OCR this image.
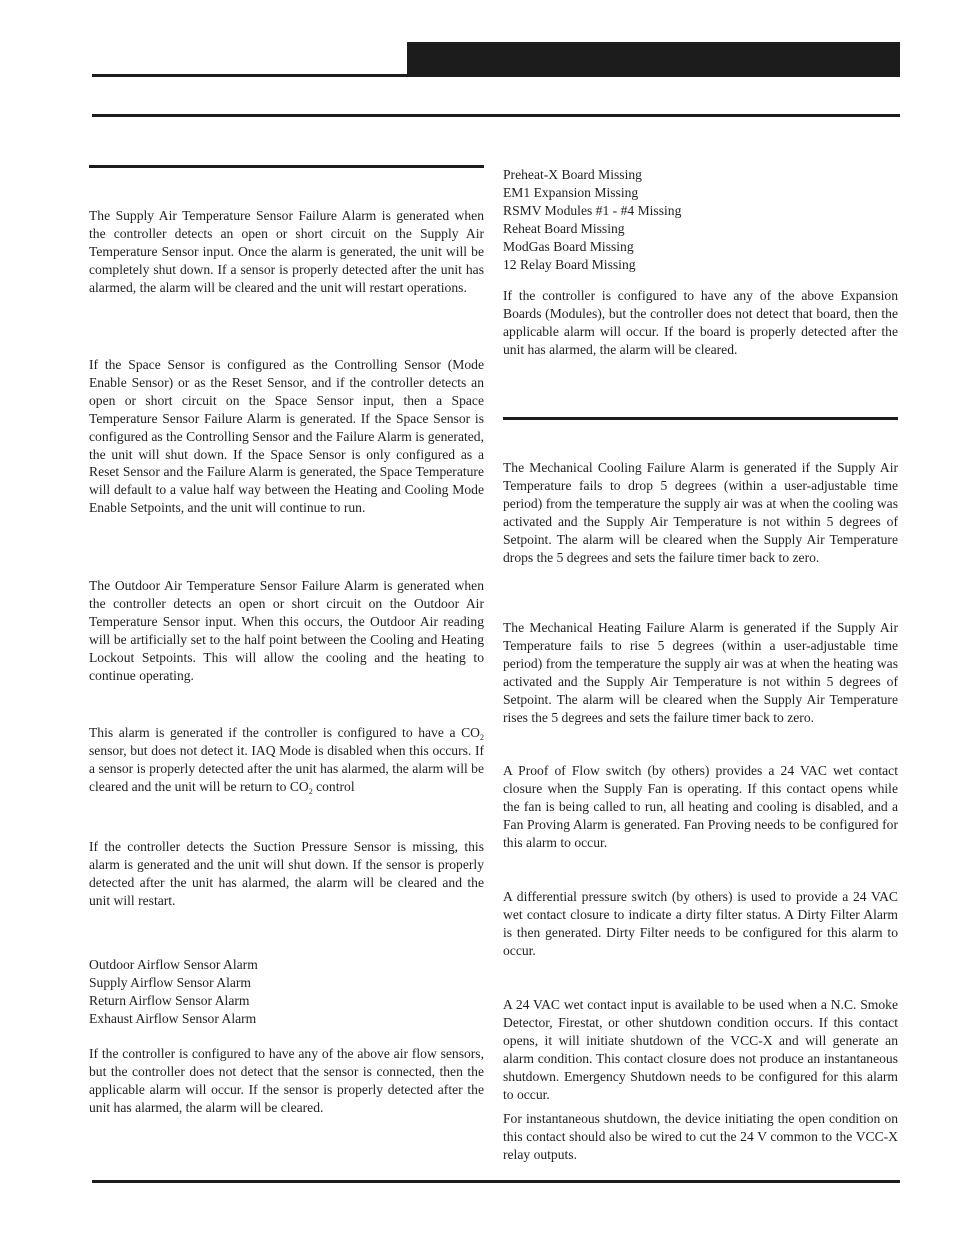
The Supply Air Temperature Sensor Failure Alarm is generated when the controller detects an open or short circuit on the Supply Air Temperature Sensor input. Once the alarm is generated, the unit will be completely shut down. If a sensor is properly detected after the unit has alarmed, the alarm will be cleared and the unit will restart operations.

If the Space Sensor is configured as the Controlling Sensor (Mode Enable Sensor) or as the Reset Sensor, and if the controller detects an open or short circuit on the Space Sensor input, then a Space Temperature Sensor Failure Alarm is generated. If the Space Sensor is configured as the Controlling Sensor and the Failure Alarm is generated, the unit will shut down. If the Space Sensor is only configured as a Reset Sensor and the Failure Alarm is generated, the Space Temperature will default to a value half way between the Heating and Cooling Mode Enable Setpoints, and the unit will continue to run.

The Outdoor Air Temperature Sensor Failure Alarm is generated when the controller detects an open or short circuit on the Outdoor Air Temperature Sensor input. When this occurs, the Outdoor Air reading will be artificially set to the half point between the Cooling and Heating Lockout Setpoints. This will allow the cooling and the heating to continue operating.

This alarm is generated if the controller is configured to have a $CO_2$ sensor, but does not detect it. IAQ Mode is disabled when this occurs. If a sensor is properly detected after the unit has alarmed, the alarm will be cleared and the unit will be return to $CO_2$ control

If the controller detects the Suction Pressure Sensor is missing, this alarm is generated and the unit will shut down. If the sensor is properly detected after the unit has alarmed, the alarm will be cleared and the unit will restart.

Outdoor Airflow Sensor Alarm
Supply Airflow Sensor Alarm
Return Airflow Sensor Alarm
Exhaust Airflow Sensor Alarm

If the controller is configured to have any of the above air flow sensors, but the controller does not detect that the sensor is connected, then the applicable alarm will occur. If the sensor is properly detected after the unit has alarmed, the alarm will be cleared.

Preheat-X Board Missing
EM1 Expansion Missing
RSMV Modules #1 - #4 Missing
Reheat Board Missing
ModGas Board Missing
12 Relay Board Missing

If the controller is configured to have any of the above Expansion Boards (Modules), but the controller does not detect that board, then the applicable alarm will occur. If the board is properly detected after the unit has alarmed, the alarm will be cleared.

The Mechanical Cooling Failure Alarm is generated if the Supply Air Temperature fails to drop 5 degrees (within a user-adjustable time period) from the temperature the supply air was at when the cooling was activated and the Supply Air Temperature is not within 5 degrees of Setpoint. The alarm will be cleared when the Supply Air Temperature drops the 5 degrees and sets the failure timer back to zero.

The Mechanical Heating Failure Alarm is generated if the Supply Air Temperature fails to rise 5 degrees (within a user-adjustable time period) from the temperature the supply air was at when the heating was activated and the Supply Air Temperature is not within 5 degrees of Setpoint. The alarm will be cleared when the Supply Air Temperature rises the 5 degrees and sets the failure timer back to zero.

A Proof of Flow switch (by others) provides a 24 VAC wet contact closure when the Supply Fan is operating. If this contact opens while the fan is being called to run, all heating and cooling is disabled, and a Fan Proving Alarm is generated. Fan Proving needs to be configured for this alarm to occur.

A differential pressure switch (by others) is used to provide a 24 VAC wet contact closure to indicate a dirty filter status. A Dirty Filter Alarm is then generated. Dirty Filter needs to be configured for this alarm to occur.

A 24 VAC wet contact input is available to be used when a N.C. Smoke Detector, Firestat, or other shutdown condition occurs. If this contact opens, it will initiate shutdown of the VCC-X and will generate an alarm condition. This contact closure does not produce an instantaneous shutdown. Emergency Shutdown needs to be configured for this alarm to occur.

For instantaneous shutdown, the device initiating the open condition on this contact should also be wired to cut the 24 V common to the VCC-X relay outputs.
